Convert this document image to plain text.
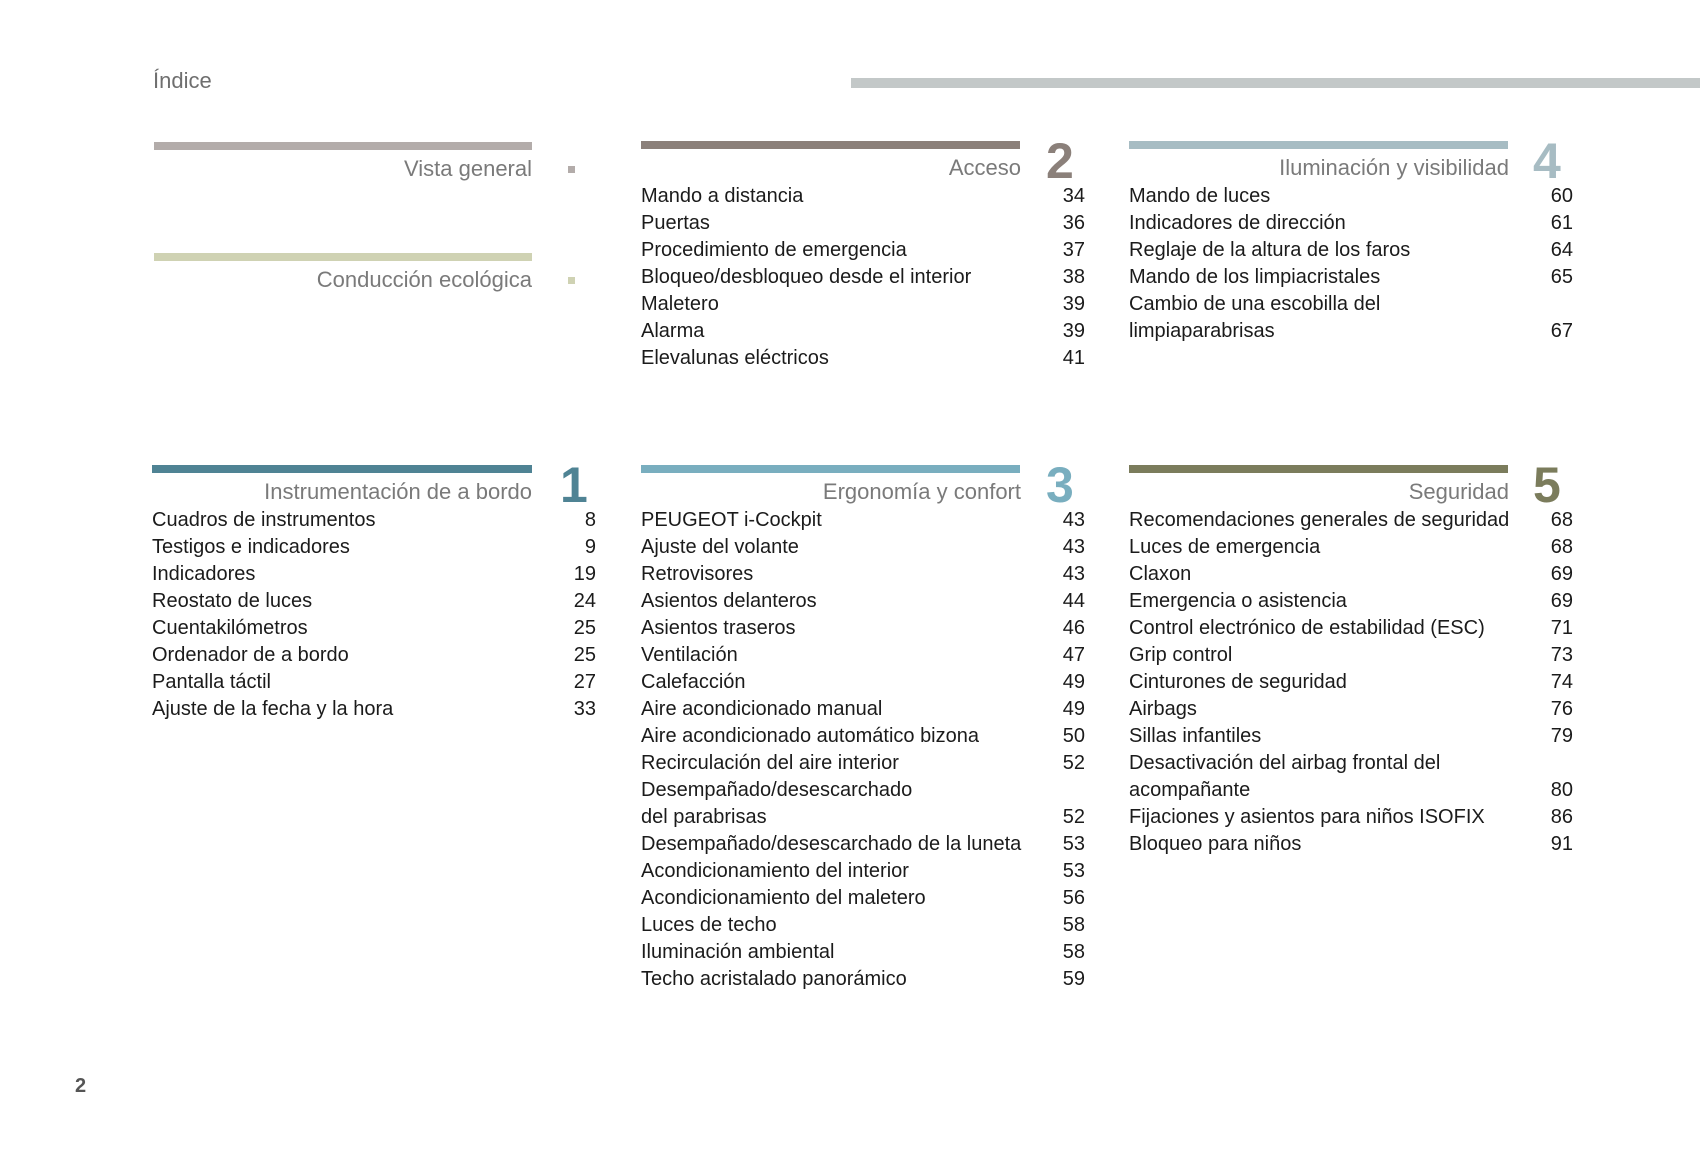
Índice
Vista general
Conducción ecológica
Instrumentación de a bordo 1
Cuadros de instrumentos	8
Testigos e indicadores	9
Indicadores	19
Reostato de luces	24
Cuentakilómetros	25
Ordenador de a bordo	25
Pantalla táctil	27
Ajuste de la fecha y la hora	33
Acceso 2
Mando a distancia	34
Puertas	36
Procedimiento de emergencia	37
Bloqueo/desbloqueo desde el interior	38
Maletero	39
Alarma	39
Elevalunas eléctricos	41
Ergonomía y confort 3
PEUGEOT i-Cockpit	43
Ajuste del volante	43
Retrovisores	43
Asientos delanteros	44
Asientos traseros	46
Ventilación	47
Calefacción	49
Aire acondicionado manual	49
Aire acondicionado automático bizona	50
Recirculación del aire interior	52
Desempañado/desescarchado
del parabrisas	52
Desempañado/desescarchado de la luneta	53
Acondicionamiento del interior	53
Acondicionamiento del maletero	56
Luces de techo	58
Iluminación ambiental	58
Techo acristalado panorámico	59
Iluminación y visibilidad 4
Mando de luces	60
Indicadores de dirección	61
Reglaje de la altura de los faros	64
Mando de los limpiacristales	65
Cambio de una escobilla del
limpiaparabrisas	67
Seguridad 5
Recomendaciones generales de seguridad	68
Luces de emergencia	68
Claxon	69
Emergencia o asistencia	69
Control electrónico de estabilidad (ESC)	71
Grip control	73
Cinturones de seguridad	74
Airbags	76
Sillas infantiles	79
Desactivación del airbag frontal del
acompañante	80
Fijaciones y asientos para niños ISOFIX	86
Bloqueo para niños	91
2
